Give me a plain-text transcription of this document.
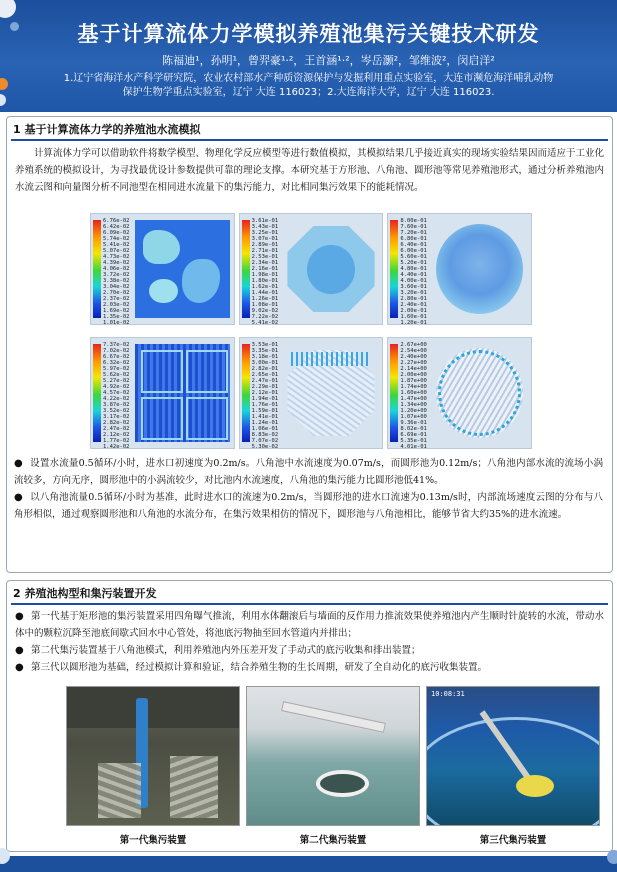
基于计算流体力学模拟养殖池集污关键技术研发
陈福迪¹，孙明¹，曾羿豪¹·²，王首涵¹·²，岑岳灏²，邹维波²，闵启洋²
1.辽宁省海洋水产科学研究院，农业农村部水产种质资源保护与发掘利用重点实验室，大连市濒危海洋哺乳动物
保护生物学重点实验室，辽宁 大连 116023；2.大连海洋大学，辽宁 大连 116023.
1 基于计算流体力学的养殖池水流模拟
计算流体力学可以借助软件将数学模型、物理化学反应模型等进行数值模拟，其模拟结果几乎接近真实的现场实验结果因而适应于工业化养殖系统的模拟设计，为寻找最优设计参数提供可靠的理论支撑。本研究基于方形池、八角池、圆形池等常见养殖池形式，通过分析养殖池内水流云图和向量图分析不同池型在相同进水流量下的集污能力，对比相同集污效果下的能耗情况。
6.76e-02
6.42e-02
6.09e-02
5.74e-02
5.41e-02
5.07e-02
4.73e-02
4.39e-02
4.06e-02
3.72e-02
3.38e-02
3.04e-02
2.70e-02
2.37e-02
2.03e-02
1.69e-02
1.35e-02
1.01e-02
3.61e-01
3.43e-01
3.25e-01
3.07e-01
2.89e-01
2.71e-01
2.53e-01
2.34e-01
2.16e-01
1.98e-01
1.80e-01
1.62e-01
1.44e-01
1.26e-01
1.08e-01
9.02e-02
7.22e-02
5.41e-02
8.00e-01
7.60e-01
7.20e-01
6.80e-01
6.40e-01
6.00e-01
5.60e-01
5.20e-01
4.80e-01
4.40e-01
4.00e-01
3.60e-01
3.20e-01
2.80e-01
2.40e-01
2.00e-01
1.60e-01
1.20e-01
7.37e-02
7.02e-02
6.67e-02
6.32e-02
5.97e-02
5.62e-02
5.27e-02
4.92e-02
4.57e-02
4.22e-02
3.87e-02
3.52e-02
3.17e-02
2.82e-02
2.47e-02
2.12e-02
1.77e-02
1.42e-02
3.53e-01
3.35e-01
3.18e-01
3.00e-01
2.82e-01
2.65e-01
2.47e-01
2.29e-01
2.12e-01
1.94e-01
1.76e-01
1.59e-01
1.41e-01
1.24e-01
1.06e-01
8.83e-02
7.07e-02
5.30e-02
2.67e+00
2.54e+00
2.40e+00
2.27e+00
2.14e+00
2.00e+00
1.87e+00
1.74e+00
1.60e+00
1.47e+00
1.34e+00
1.20e+00
1.07e+00
9.36e-01
8.02e-01
6.69e-01
5.35e-01
4.01e-01
● 设置水流量0.5循环/小时，进水口初速度为0.2m/s。八角池中水流速度为0.07m/s，而圆形池为0.12m/s；八角池内部水流的流场小涡流较多，方向无序，圆形池中的小涡流较少，对比池内水流速度，八角池的集污能力比圆形池低41%。
● 以八角池流量0.5循环/小时为基准，此时进水口的流速为0.2m/s，当圆形池的进水口流速为0.13m/s时，内部流场速度云图的分布与八角形相似，通过观察圆形池和八角池的水流分布，在集污效果相仿的情况下，圆形池与八角池相比，能够节省大约35%的进水流速。
2 养殖池构型和集污装置开发
● 第一代基于矩形池的集污装置采用四角曝气推流，利用水体翻滚后与墙面的反作用力推流效果使养殖池内产生顺时针旋转的水流，带动水体中的颗粒沉降至池底间歇式回水中心管处，将池底污物抽至回水管道内并排出；
● 第二代集污装置基于八角池模式，利用养殖池内外压差开发了手动式的底污收集和排出装置；
● 第三代以圆形池为基础，经过模拟计算和验证，结合养殖生物的生长周期，研发了全自动化的底污收集装置。
10:08:31
第一代集污装置	第二代集污装置	第三代集污装置
